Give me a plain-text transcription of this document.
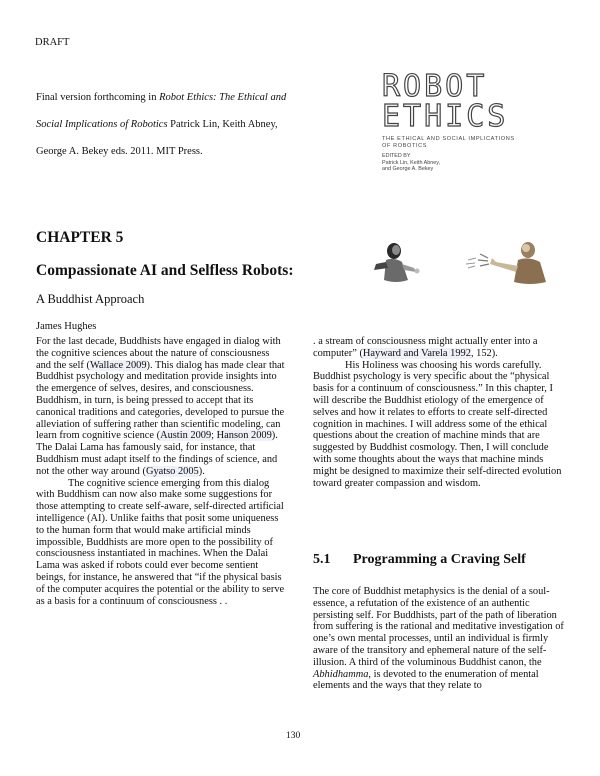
DRAFT
Final version forthcoming in Robot Ethics: The Ethical and
Social Implications of Robotics Patrick Lin, Keith Abney,
George A. Bekey eds. 2011. MIT Press.
ROBOT
ETHICS
THE ETHICAL AND SOCIAL IMPLICATIONS
OF ROBOTICS
EDITED BY
Patrick Lin, Keith Abney,
and George A. Bekey
CHAPTER 5
Compassionate AI and Selfless Robots:
A Buddhist Approach
James Hughes

For the last decade, Buddhists have engaged in dialog with the cognitive sciences about the nature of consciousness and the self (Wallace 2009). This dialog has made clear that Buddhist psychology and meditation provide insights into the emergence of selves, desires, and consciousness. Buddhism, in turn, is being pressed to accept that its canonical traditions and categories, developed to pursue the alleviation of suffering rather than scientific modeling, can learn from cognitive science (Austin 2009; Hanson 2009). The Dalai Lama has famously said, for instance, that Buddhism must adapt itself to the findings of science, and not the other way around (Gyatso 2005).

The cognitive science emerging from this dialog with Buddhism can now also make some suggestions for those attempting to create self-aware, self-directed artificial intelligence (AI). Unlike faiths that posit some uniqueness to the human form that would make artificial minds impossible, Buddhists are more open to the possibility of consciousness instantiated in machines. When the Dalai Lama was asked if robots could ever become sentient beings, for instance, he answered that “if the physical basis of the computer acquires the potential or the ability to serve as a basis for a continuum of consciousness . .

. a stream of consciousness might actually enter into a computer” (Hayward and Varela 1992, 152).

His Holiness was choosing his words carefully. Buddhist psychology is very specific about the “physical basis for a continuum of consciousness.” In this chapter, I will describe the Buddhist etiology of the emergence of selves and how it relates to efforts to create self-directed cognition in machines. I will address some of the ethical questions about the creation of machine minds that are suggested by Buddhist cosmology. Then, I will conclude with some thoughts about the ways that machine minds might be designed to maximize their self-directed evolution toward greater compassion and wisdom.

5.1 Programming a Craving Self

The core of Buddhist metaphysics is the denial of a soul-essence, a refutation of the existence of an authentic persisting self. For Buddhists, part of the path of liberation from suffering is the rational and meditative investigation of one’s own mental processes, until an individual is firmly aware of the transitory and ephemeral nature of the self-illusion. A third of the voluminous Buddhist canon, the Abhidhamma, is devoted to the enumeration of mental elements and the ways that they relate to

130
